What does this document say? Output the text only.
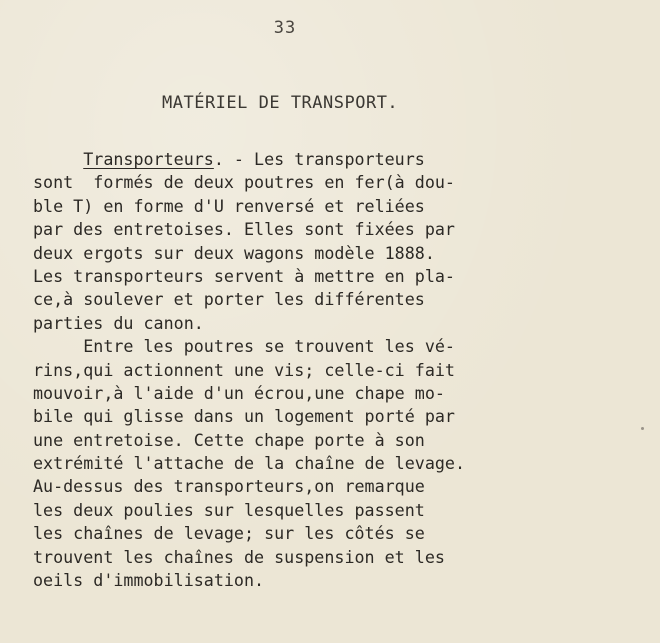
33
MATÉRIEL DE TRANSPORT.
Transporteurs. - Les transporteurs
sont  formés de deux poutres en fer(à dou-
ble T) en forme d'U renversé et reliées
par des entretoises. Elles sont fixées par
deux ergots sur deux wagons modèle 1888.
Les transporteurs servent à mettre en pla-
ce,à soulever et porter les différentes
parties du canon.
Entre les poutres se trouvent les vé-
rins,qui actionnent une vis; celle-ci fait
mouvoir,à l'aide d'un écrou,une chape mo-
bile qui glisse dans un logement porté par
une entretoise. Cette chape porte à son
extrémité l'attache de la chaîne de levage.
Au-dessus des transporteurs,on remarque
les deux poulies sur lesquelles passent
les chaînes de levage; sur les côtés se
trouvent les chaînes de suspension et les
oeils d'immobilisation.
